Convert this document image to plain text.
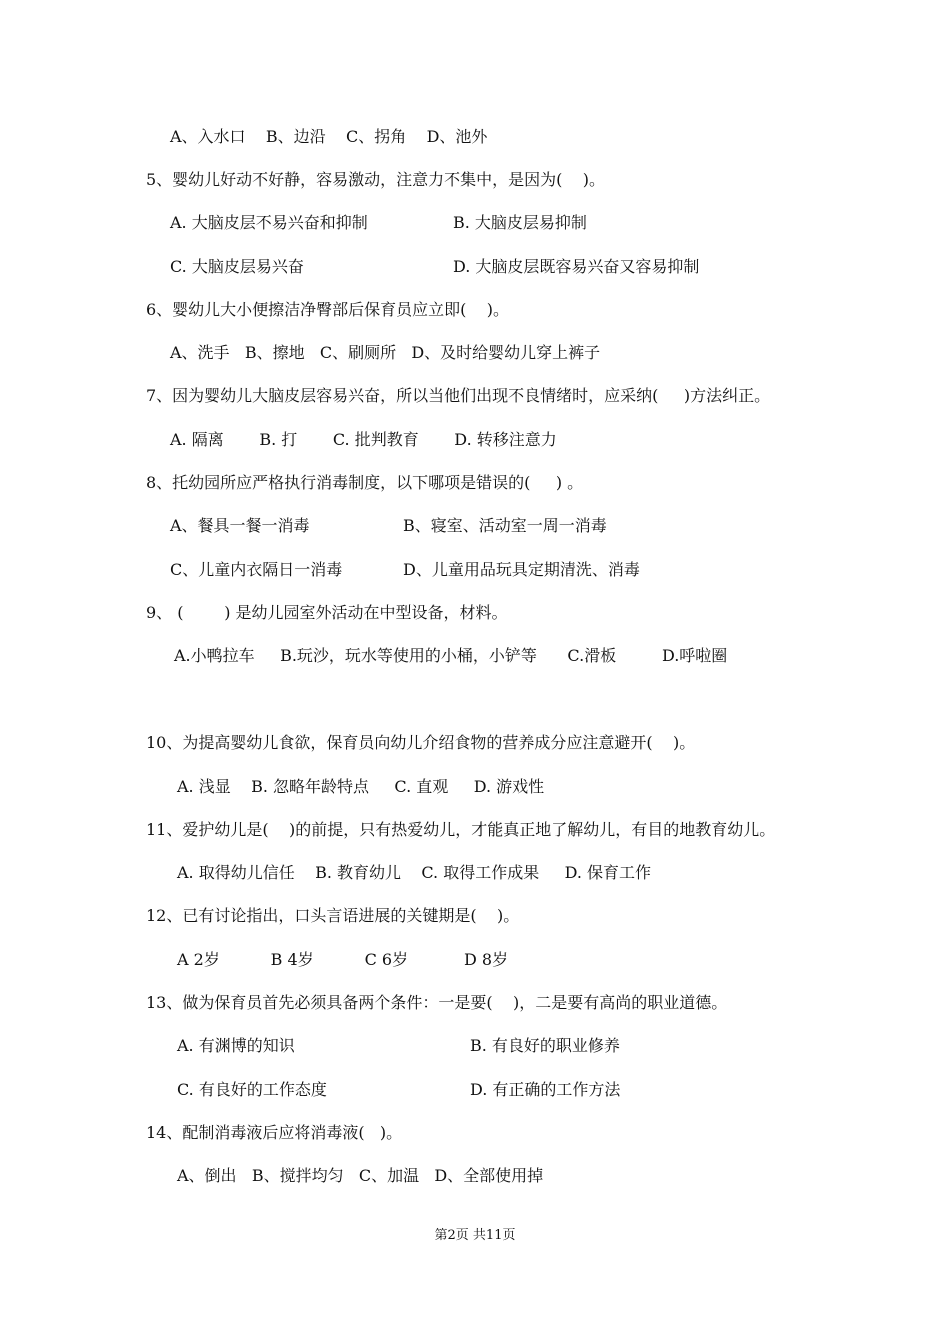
A、入水口    B、边沿    C、拐角    D、池外
5、婴幼儿好动不好静，容易激动，注意力不集中，是因为(    )。
A. 大脑皮层不易兴奋和抑制	B. 大脑皮层易抑制
C. 大脑皮层易兴奋	D. 大脑皮层既容易兴奋又容易抑制
6、婴幼儿大小便擦洁净臀部后保育员应立即(    )。
A、洗手   B、擦地   C、刷厕所   D、及时给婴幼儿穿上裤子
7、因为婴幼儿大脑皮层容易兴奋，所以当他们出现不良情绪时，应采纳(     )方法纠正。
A. 隔离       B. 打       C. 批判教育       D. 转移注意力
8、托幼园所应严格执行消毒制度，以下哪项是错误的(     ) 。
A、餐具一餐一消毒	B、寝室、活动室一周一消毒
C、儿童内衣隔日一消毒	D、儿童用品玩具定期清洗、消毒
9、 (        ) 是幼儿园室外活动在中型设备，材料。
A.小鸭拉车     B.玩沙，玩水等使用的小桶，小铲等      C.滑板         D.呼啦圈
10、为提高婴幼儿食欲，保育员向幼儿介绍食物的营养成分应注意避开(    )。
A. 浅显    B. 忽略年龄特点     C. 直观     D. 游戏性
11、爱护幼儿是(    )的前提，只有热爱幼儿，才能真正地了解幼儿，有目的地教育幼儿。
A. 取得幼儿信任    B. 教育幼儿    C. 取得工作成果     D. 保育工作
12、已有讨论指出，口头言语进展的关键期是(    )。
A 2岁          B 4岁          C 6岁           D 8岁
13、做为保育员首先必须具备两个条件：一是要(    )，二是要有高尚的职业道德。
A. 有渊博的知识	B. 有良好的职业修养
C. 有良好的工作态度	D. 有正确的工作方法
14、配制消毒液后应将消毒液(   )。
A、倒出   B、搅拌均匀   C、加温   D、全部使用掉
第2页 共11页
